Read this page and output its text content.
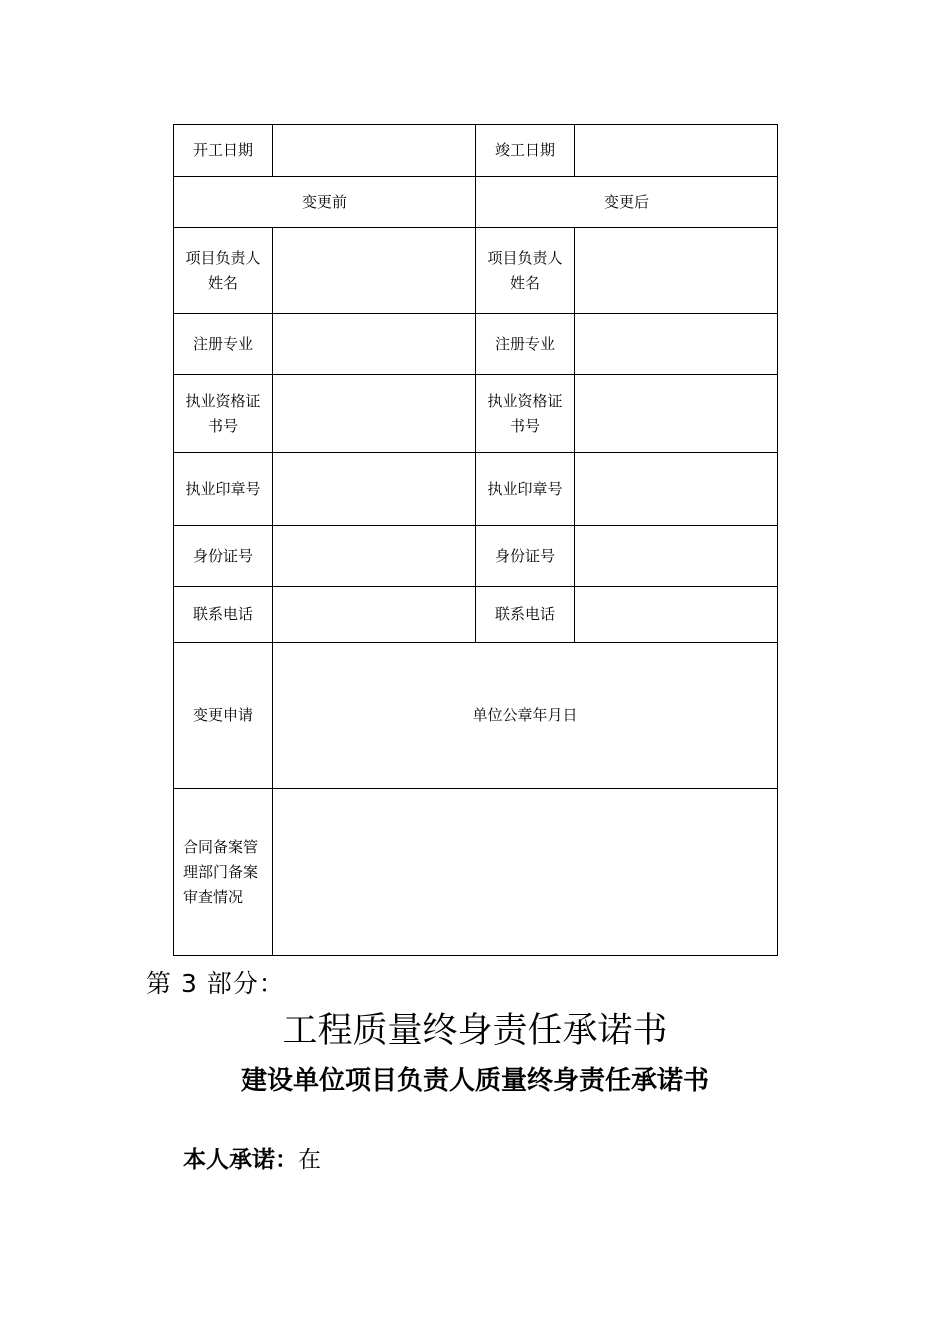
开工日期		竣工日期	
变更前		变更后	
项目负责人姓名		项目负责人姓名	
注册专业		注册专业	
执业资格证书号		执业资格证书号	
执业印章号		执业印章号	
身份证号		身份证号	
联系电话		联系电话	
变更申请	单位公章年月日		
合同备案管理部门备案审查情况			
第 3 部分：
工程质量终身责任承诺书
建设单位项目负责人质量终身责任承诺书
本人承诺：在
